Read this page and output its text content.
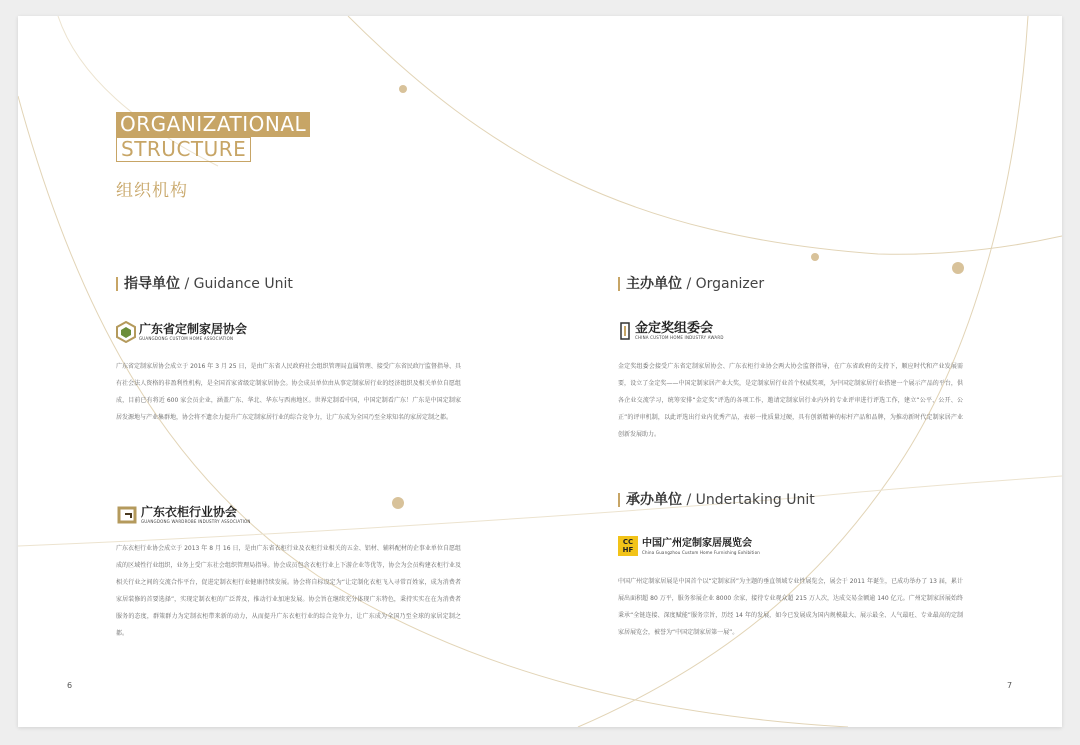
ORGANIZATIONAL
STRUCTURE
组织机构
指导单位 / Guidance Unit
广东省定制家居协会
GUANGDONG CUSTOM HOME ASSOCIATION
广东省定制家居协会成立于 2016 年 3 月 25 日，是由广东省人民政府社会组织管理局直属管理、接受广东省民政厅监督指导、具有社会法人资格的非盈利性机构，是全国首家省级定制家居协会。协会成员单位由从事定制家居行业的经济组织及相关单位自愿组成，目前已有将近 600 家会员企业，涵盖广东、华北、华东与西南地区。世界定制看中国，中国定制看广东！广东是中国定制家居发源地与产业集群地，协会将不遗余力提升广东定制家居行业的综合竞争力，让广东成为全国乃至全球知名的家居定制之都。
广东衣柜行业协会
GUANGDONG WARDROBE INDUSTRY ASSOCIATION
广东衣柜行业协会成立于 2013 年 8 月 16 日，是由广东省衣柜行业及衣柜行业相关的五金、铝材、辅料配材的企事业单位自愿组成的区域性行业组织，业务上受广东社会组织管理局指导。协会成员包含衣柜行业上下游企业等优等，协会为会员构建衣柜行业及相关行业之间的交流合作平台，促进定制衣柜行业健康持续发展。协会将自标设定为“让定制化衣柜飞入寻常百姓家，成为消费者家居装修的首要选择”，实现定制衣柜的广泛普及，推动行业加速发展。协会旨在继续充分体现广东特色，秉持实实在在为消费者服务的态度，群策群力为定制衣柜带来新的动力，从而提升广东衣柜行业的综合竞争力，让广东成为全国乃至全球的家居定制之都。
主办单位 / Organizer
金定奖组委会
CHINA CUSTOM HOME INDUSTRY AWARD
金定奖组委会接受广东省定制家居协会、广东衣柜行业协会两大协会监督指导，在广东省政府的支持下，顺应时代和产业发展需要，设立了金定奖——中国定制家居产业大奖，是定制家居行业首个权威奖项，为中国定制家居行业搭建一个展示产品的平台，供各企业交流学习，统筹安排“金定奖”评选的各项工作，邀请定制家居行业内外的专业评审进行评选工作，建立“公平、公开、公正”的评审机制，以此评选出行业内优秀产品，表彰一批质量过硬，具有创新精神的标杆产品和品牌，为推动新时代定制家居产业创新发展助力。
承办单位 / Undertaking Unit
CC
HF
中国广州定制家居展览会
China Guangzhou Custom Home Furnishing Exhibition
中国广州定制家居展是中国首个以“定制家居”为主题的垂直领域专业性展览会，展会于 2011 年诞生，已成功举办了 13 届，累计展出面积超 80 万平，服务参展企业 8000 余家，接待专业观众超 215 万人次，达成交易金额逾 140 亿元。广州定制家居展始终秉承“全链连接、深度赋能”服务宗旨，历经 14 年的发展，如今已发展成为国内规模最大、展示最全、人气最旺、专业最高的定制家居展览会，被誉为“中国定制家居第一展”。
6	7
